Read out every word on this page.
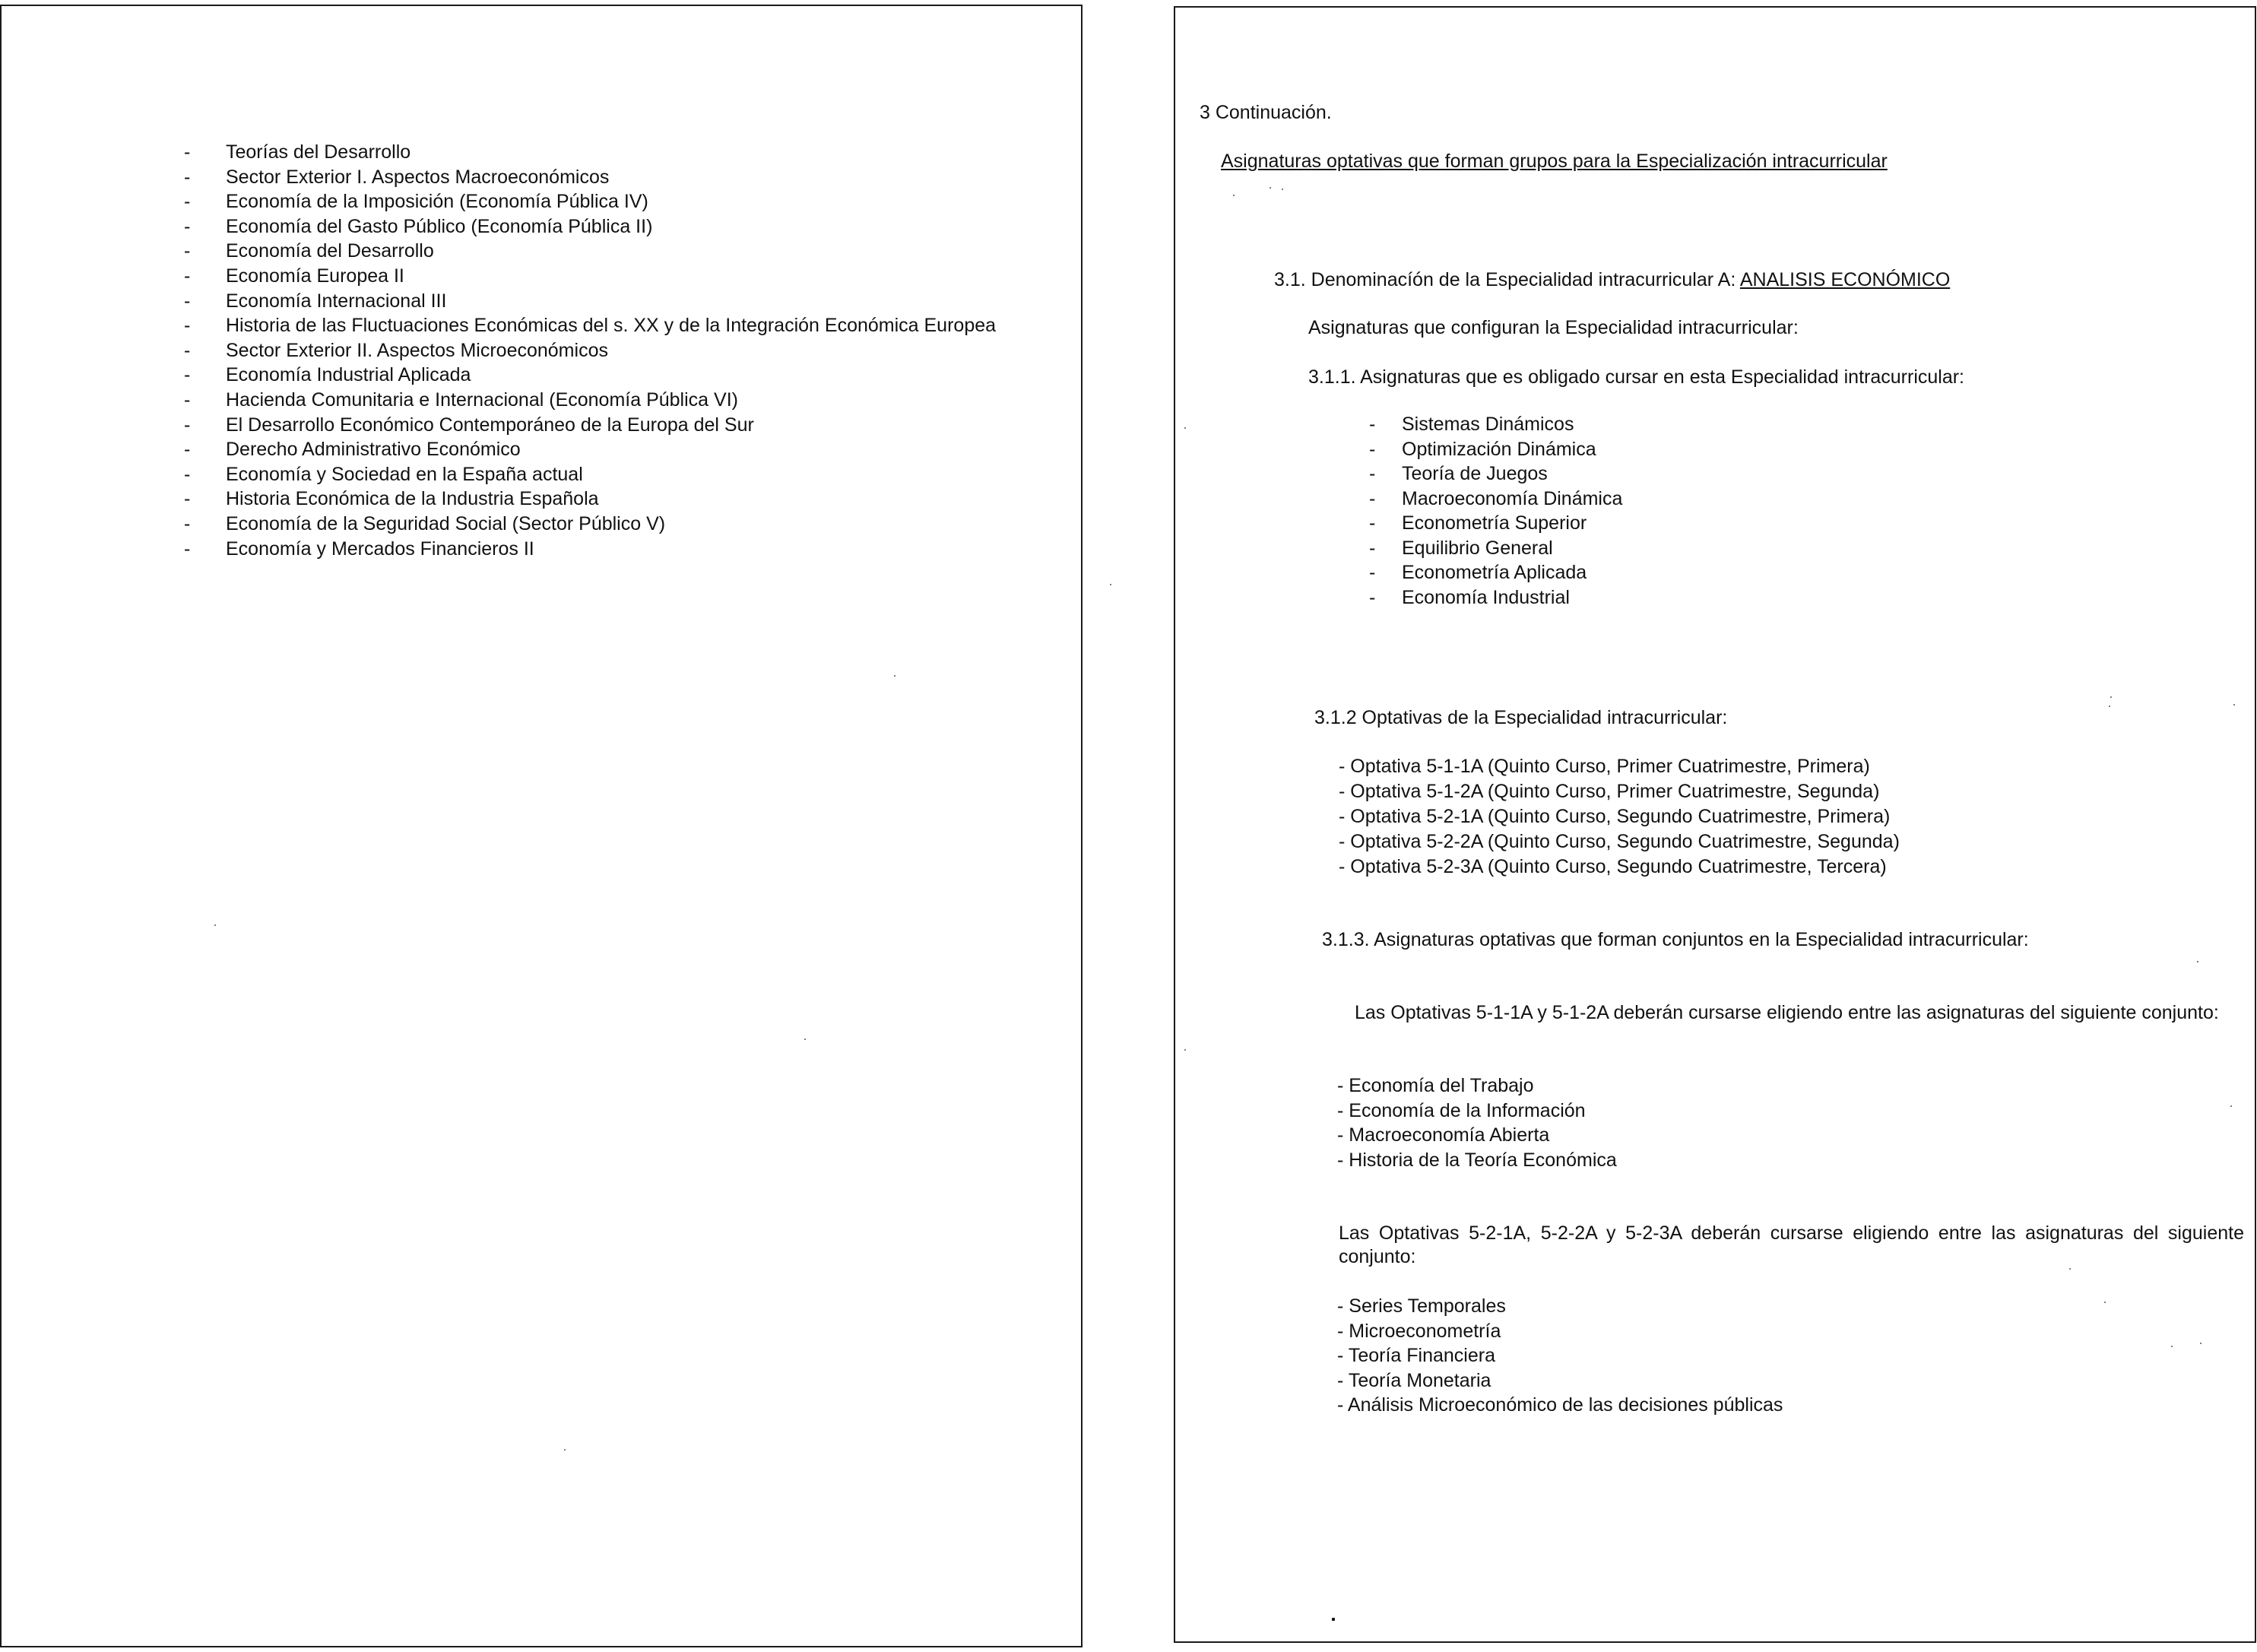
- Teorías del Desarrollo
- Sector Exterior I. Aspectos Macroeconómicos
- Economía de la Imposición (Economía Pública IV)
- Economía del Gasto Público (Economía Pública II)
- Economía del Desarrollo
- Economía Europea II
- Economía Internacional III
- Historia de las Fluctuaciones Económicas del s. XX y de la Integración Económica Europea
- Sector Exterior II. Aspectos Microeconómicos
- Economía Industrial Aplicada
- Hacienda Comunitaria e Internacional (Economía Pública VI)
- El Desarrollo Económico Contemporáneo de la Europa del Sur
- Derecho Administrativo Económico
- Economía y Sociedad en la España actual
- Historia Económica de la Industria Española
- Economía de la Seguridad Social (Sector Público V)
- Economía y Mercados Financieros II
3 Continuación.
Asignaturas optativas que forman grupos para la Especialización intracurricular
3.1. Denominacíón de la Especialidad intracurricular A: ANALISIS ECONÓMICO
Asignaturas que configuran la Especialidad intracurricular:
3.1.1. Asignaturas que es obligado cursar en esta Especialidad intracurricular:
- Sistemas Dinámicos
- Optimización Dinámica
- Teoría de Juegos
- Macroeconomía Dinámica
- Econometría Superior
- Equilibrio General
- Econometría Aplicada
- Economía Industrial
3.1.2 Optativas de la Especialidad intracurricular:
- Optativa 5-1-1A (Quinto Curso, Primer Cuatrimestre, Primera)
- Optativa 5-1-2A (Quinto Curso, Primer Cuatrimestre, Segunda)
- Optativa 5-2-1A (Quinto Curso, Segundo Cuatrimestre, Primera)
- Optativa 5-2-2A (Quinto Curso, Segundo Cuatrimestre, Segunda)
- Optativa 5-2-3A (Quinto Curso, Segundo Cuatrimestre, Tercera)
3.1.3. Asignaturas optativas que forman conjuntos en la Especialidad intracurricular:
Las Optativas 5-1-1A y 5-1-2A deberán cursarse eligiendo entre las asignaturas del siguiente conjunto:
- Economía del Trabajo
- Economía de la Información
- Macroeconomía Abierta
- Historia de la Teoría Económica
Las Optativas 5-2-1A, 5-2-2A y 5-2-3A deberán cursarse eligiendo entre las asignaturas del siguiente conjunto:
- Series Temporales
- Microeconometría
- Teoría Financiera
- Teoría Monetaria
- Análisis Microeconómico de las decisiones públicas
